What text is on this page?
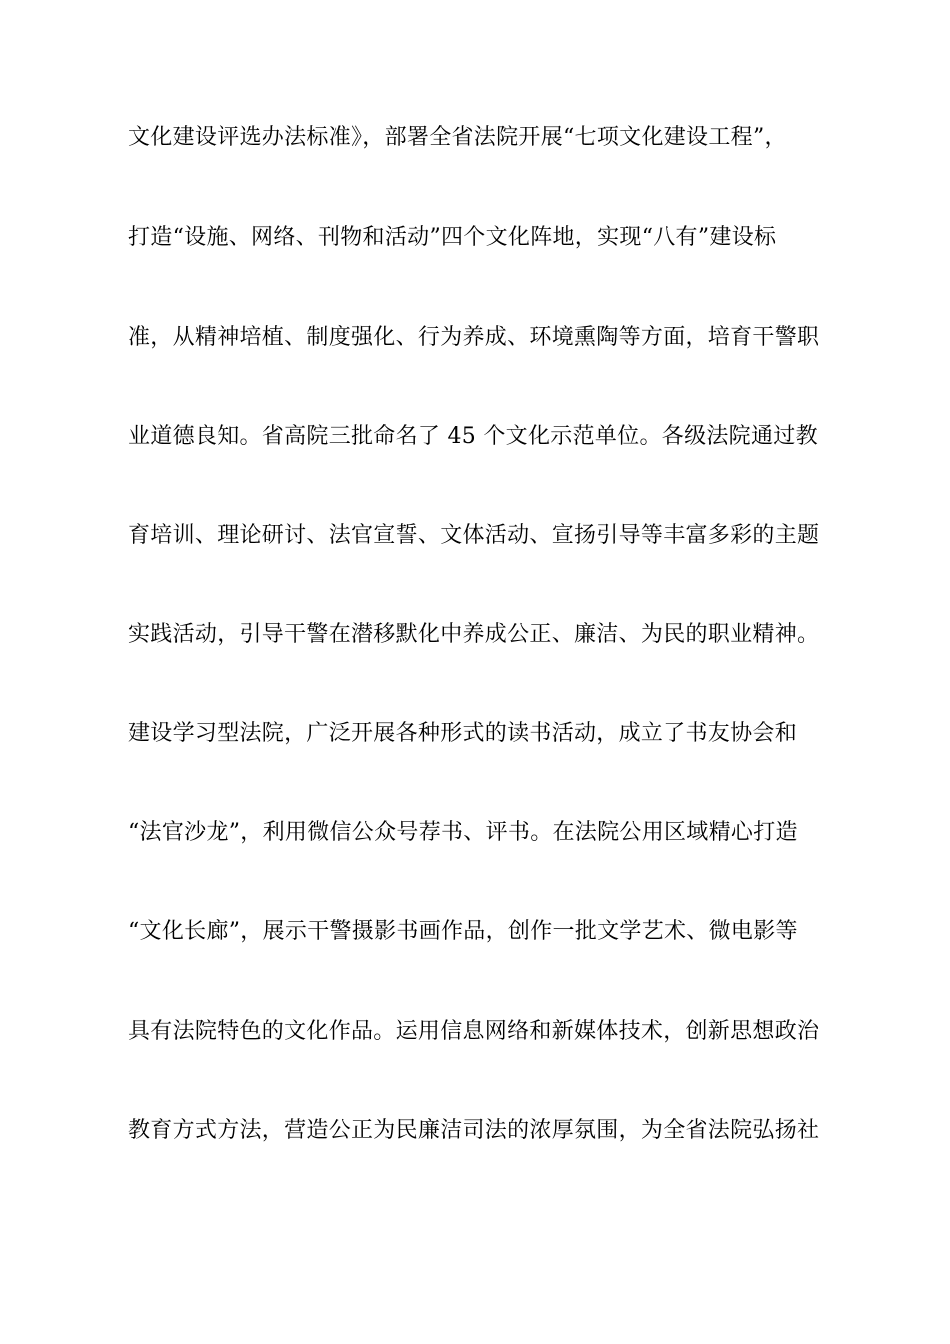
文化建设评选办法标准》，部署全省法院开展“七项文化建设工程”，
打造“设施、网络、刊物和活动”四个文化阵地，实现“八有”建设标
准，从精神培植、制度强化、行为养成、环境熏陶等方面，培育干警职
业道德良知。省高院三批命名了 45 个文化示范单位。各级法院通过教
育培训、理论研讨、法官宣誓、文体活动、宣扬引导等丰富多彩的主题
实践活动，引导干警在潜移默化中养成公正、廉洁、为民的职业精神。
建设学习型法院，广泛开展各种形式的读书活动，成立了书友协会和
“法官沙龙”，利用微信公众号荐书、评书。在法院公用区域精心打造
“文化长廊”，展示干警摄影书画作品，创作一批文学艺术、微电影等
具有法院特色的文化作品。运用信息网络和新媒体技术，创新思想政治
教育方式方法，营造公正为民廉洁司法的浓厚氛围，为全省法院弘扬社
